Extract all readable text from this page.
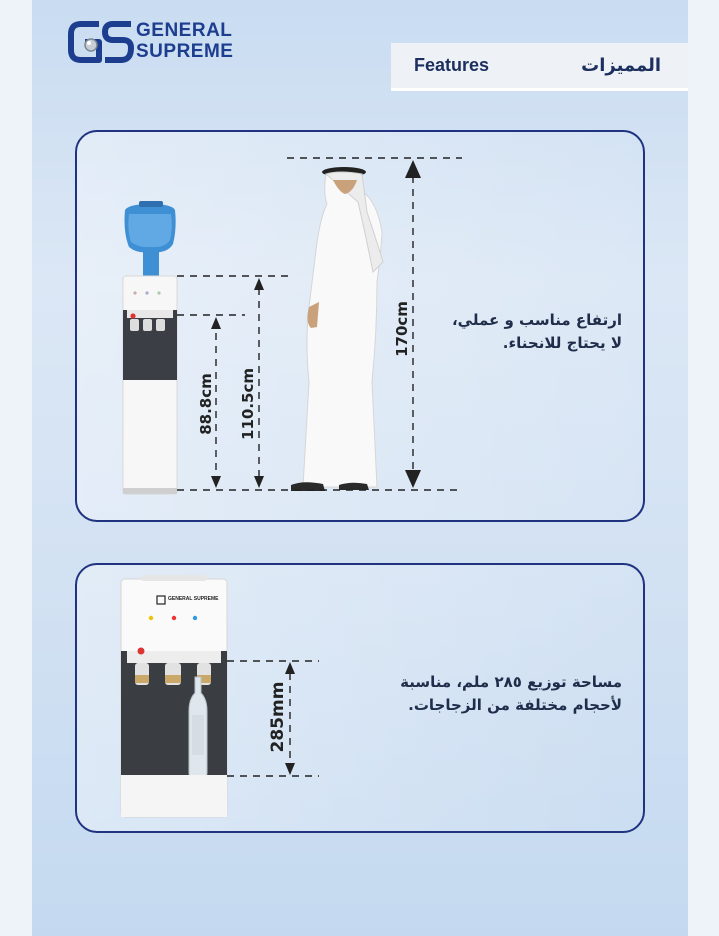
GENERAL
SUPREME
Features	المميزات
170cm
110.5cm
88.8cm
ارتفاع مناسب و عملي،
لا يحتاج للانحناء.
GENERAL SUPREME
285mm	مساحة توزيع ٢٨٥ ملم، مناسبة
لأحجام مختلفة من الزجاجات.
